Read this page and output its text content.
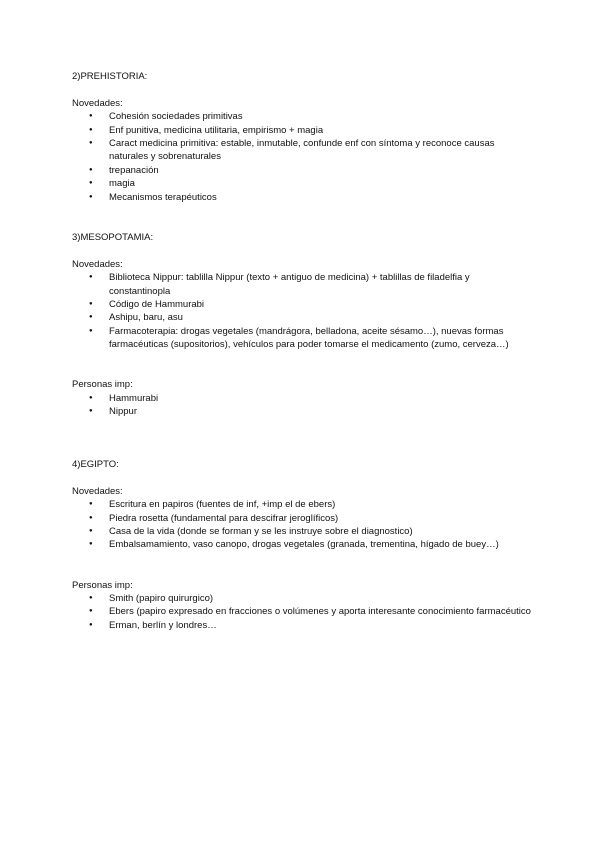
2)PREHISTORIA:
Novedades:
● Cohesión sociedades primitivas
● Enf punitiva, medicina utilitaria, empirismo + magia
● Caract medicina primitiva: estable, inmutable, confunde enf con síntoma y reconoce causas naturales y sobrenaturales
● trepanación
● magia
● Mecanismos terapéuticos
3)MESOPOTAMIA:
Novedades:
● Biblioteca Nippur: tablilla Nippur (texto + antiguo de medicina) + tablillas de filadelfia y constantinopla
● Código de Hammurabi
● Ashipu, baru, asu
● Farmacoterapia: drogas vegetales (mandrágora, belladona, aceite sésamo…), nuevas formas farmacéuticas (supositorios), vehículos para poder tomarse el medicamento (zumo, cerveza…)
Personas imp:
● Hammurabi
● Nippur
4)EGIPTO:
Novedades:
● Escritura en papiros (fuentes de inf, +imp el de ebers)
● Piedra rosetta (fundamental para descifrar jeroglíficos)
● Casa de la vida (donde se forman y se les instruye sobre el diagnostico)
● Embalsamamiento, vaso canopo, drogas vegetales (granada, trementina, hígado de buey…)
Personas imp:
● Smith (papiro quirurgico)
● Ebers (papiro expresado en fracciones o volúmenes y aporta interesante conocimiento farmacéutico
● Erman, berlín y londres…
